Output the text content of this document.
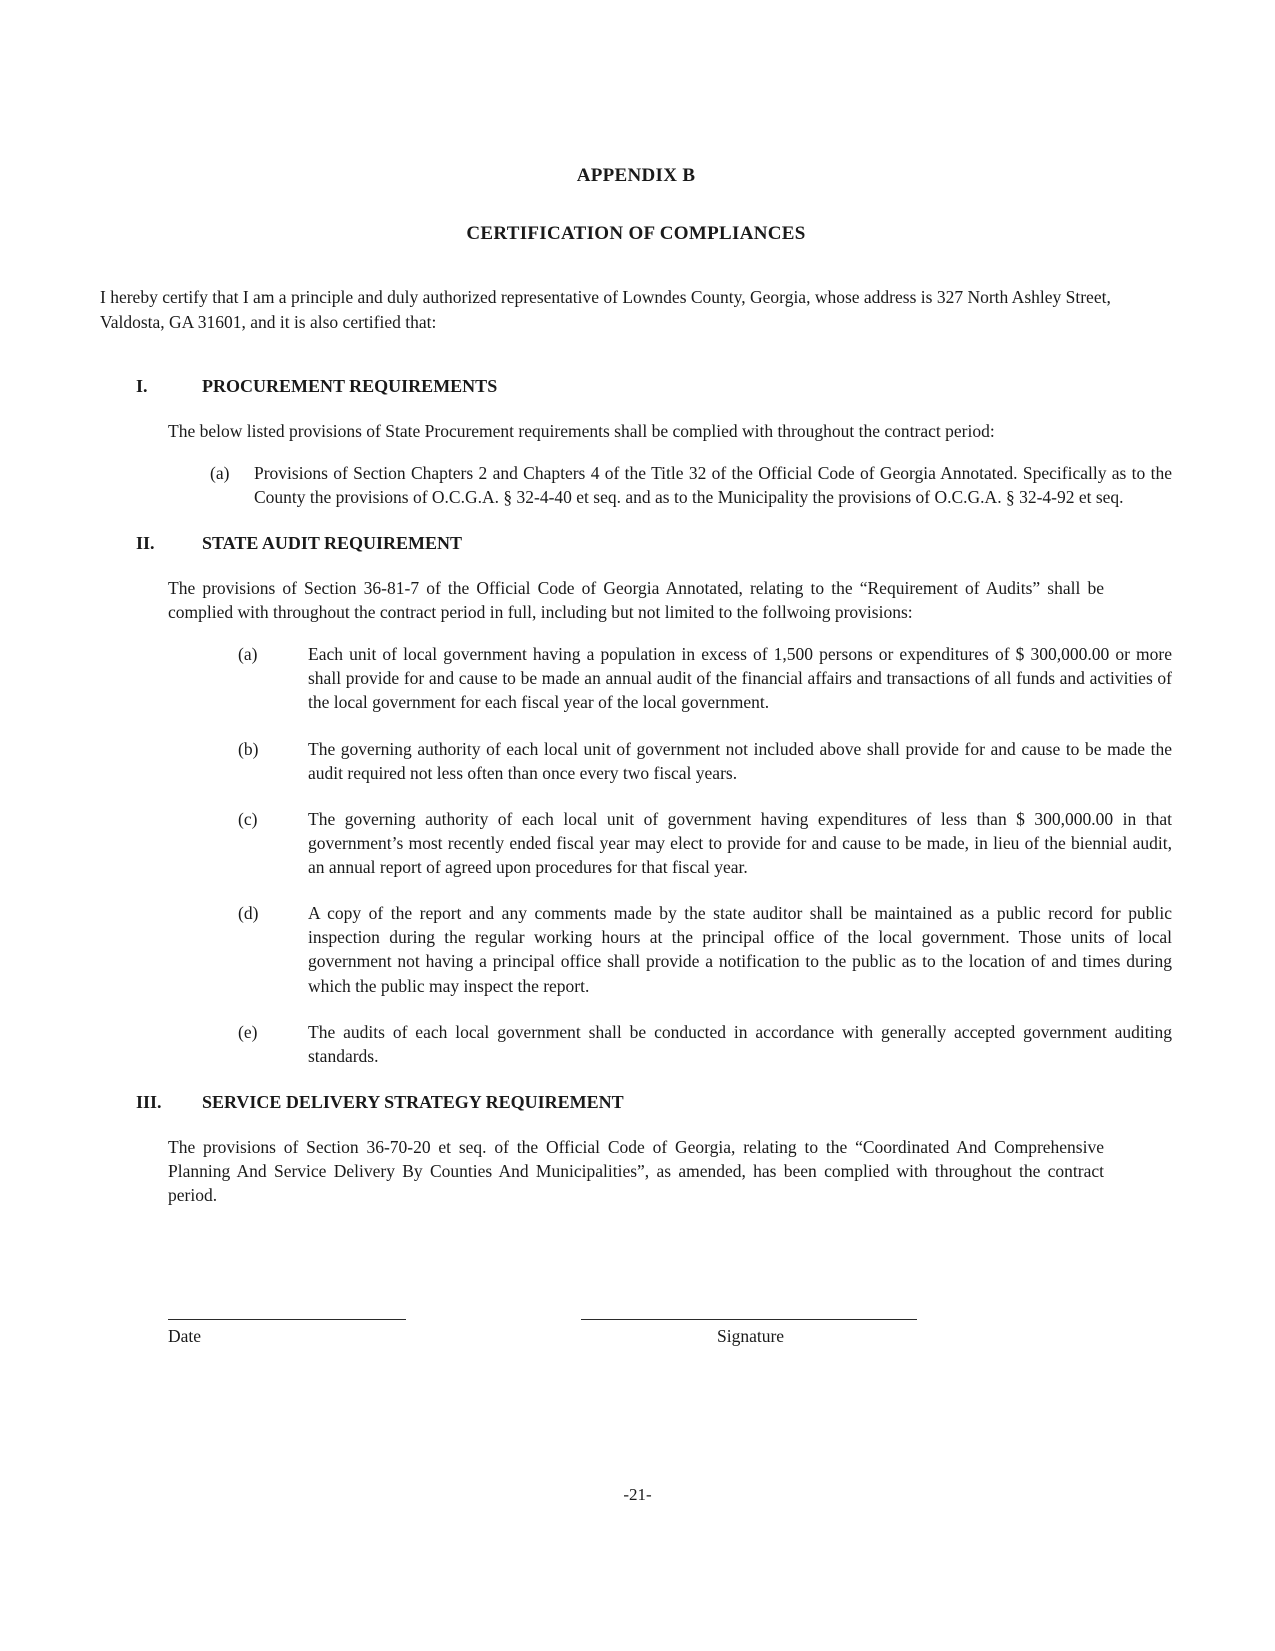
APPENDIX B
CERTIFICATION OF COMPLIANCES

I hereby certify that I am a principle and duly authorized representative of Lowndes County, Georgia, whose address is 327 North Ashley Street, Valdosta, GA 31601, and it is also certified that:

I.	PROCUREMENT REQUIREMENTS

The below listed provisions of State Procurement requirements shall be complied with throughout the contract period:

(a)	Provisions of Section Chapters 2 and Chapters 4 of the Title 32 of the Official Code of Georgia Annotated. Specifically as to the County the provisions of O.C.G.A. § 32-4-40 et seq. and as to the Municipality the provisions of O.C.G.A. § 32-4-92 et seq.
II.	STATE AUDIT REQUIREMENT

The provisions of Section 36-81-7 of the Official Code of Georgia Annotated, relating to the “Requirement of Audits” shall be complied with throughout the contract period in full, including but not limited to the follwoing provisions:

(a)	Each unit of local government having a population in excess of 1,500 persons or expenditures of $ 300,000.00 or more shall provide for and cause to be made an annual audit of the financial affairs and transactions of all funds and activities of the local government for each fiscal year of the local government.
(b)	The governing authority of each local unit of government not included above shall provide for and cause to be made the audit required not less often than once every two fiscal years.
(c)	The governing authority of each local unit of government having expenditures of less than $ 300,000.00 in that government’s most recently ended fiscal year may elect to provide for and cause to be made, in lieu of the biennial audit, an annual report of agreed upon procedures for that fiscal year.
(d)	A copy of the report and any comments made by the state auditor shall be maintained as a public record for public inspection during the regular working hours at the principal office of the local government. Those units of local government not having a principal office shall provide a notification to the public as to the location of and times during which the public may inspect the report.
(e)	The audits of each local government shall be conducted in accordance with generally accepted government auditing standards.
III.	SERVICE DELIVERY STRATEGY REQUIREMENT

The provisions of Section 36-70-20 et seq. of the Official Code of Georgia, relating to the “Coordinated And Comprehensive Planning And Service Delivery By Counties And Municipalities”, as amended, has been complied with throughout the contract period.

Date	Signature
-21-
